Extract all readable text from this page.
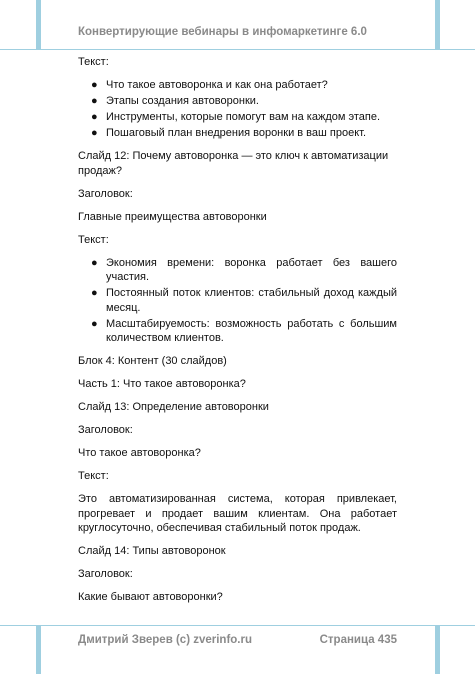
Конвертирующие вебинары в инфомаркетинге 6.0

Текст:

● Что такое автоворонка и как она работает?
● Этапы создания автоворонки.
● Инструменты, которые помогут вам на каждом этапе.
● Пошаговый план внедрения воронки в ваш проект.

Слайд 12: Почему автоворонка — это ключ к автоматизации продаж?

Заголовок:

Главные преимущества автоворонки

Текст:

● Экономия времени: воронка работает без вашего участия.
● Постоянный поток клиентов: стабильный доход каждый месяц.
● Масштабируемость: возможность работать с большим количеством клиентов.

Блок 4: Контент (30 слайдов)

Часть 1: Что такое автоворонка?

Слайд 13: Определение автоворонки

Заголовок:

Что такое автоворонка?

Текст:

Это автоматизированная система, которая привлекает, прогревает и продает вашим клиентам. Она работает круглосуточно, обеспечивая стабильный поток продаж.

Слайд 14: Типы автоворонок

Заголовок:

Какие бывают автоворонки?

Дмитрий Зверев (с) zverinfo.ru	Страница 435
